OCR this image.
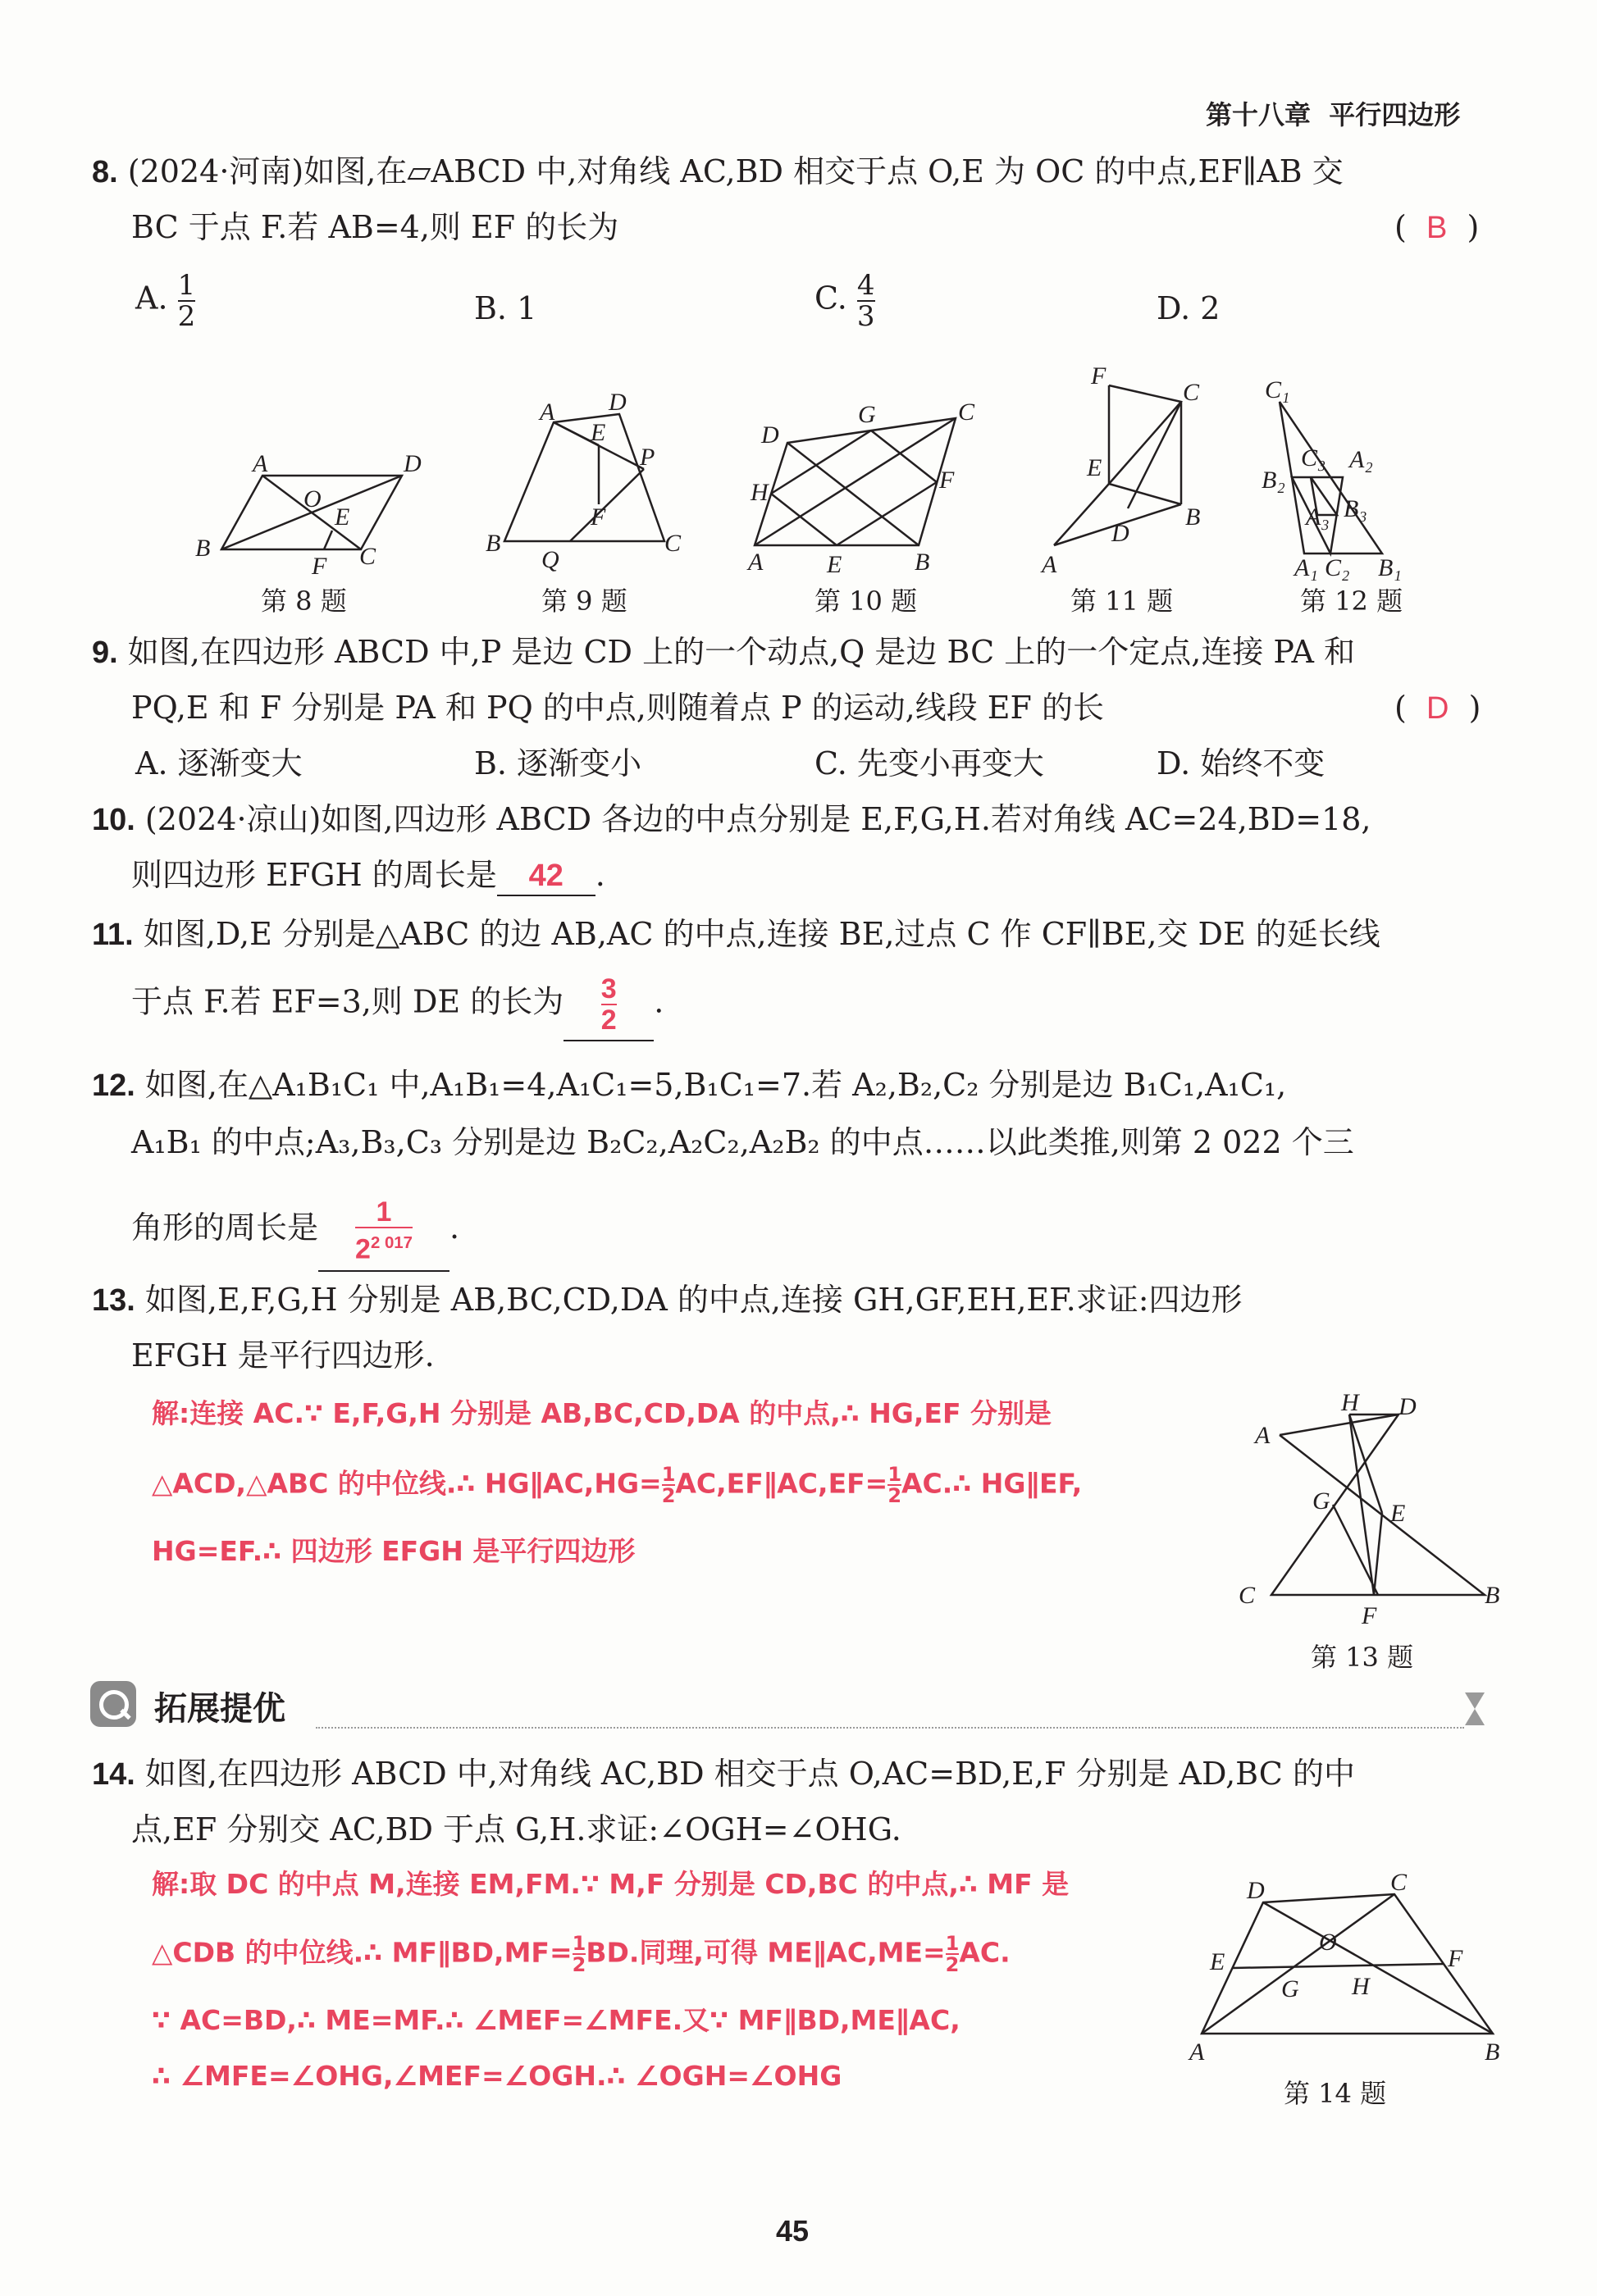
第十八章 平行四边形
8. (2024·河南)如图,在▱ABCD 中,对角线 AC,BD 相交于点 O,E 为 OC 的中点,EF∥AB 交
BC 于点 F.若 AB=4,则 EF 的长为	(  B  )
A. $\frac{1}{2}$	B. 1	C. $\frac{4}{3}$	D. 2
A	D
O
E
B
F C
A D
E
P
F
B
Q
C
D
G	C
H	F
A	E	B
F
C
E
D
B
A
C₁
C₃ A₂
B₂
B₃
A₃
A₁ C₂ B₁
第 8 题	第 9 题	第 10 题	第 11 题	第 12 题
9. 如图,在四边形 ABCD 中,P 是边 CD 上的一个动点,Q 是边 BC 上的一个定点,连接 PA 和
PQ,E 和 F 分别是 PA 和 PQ 的中点,则随着点 P 的运动,线段 EF 的长	(  D  )
A. 逐渐变大	B. 逐渐变小	C. 先变小再变大	D. 始终不变
10. (2024·凉山)如图,四边形 ABCD 各边的中点分别是 E,F,G,H.若对角线 AC=24,BD=18,
则四边形 EFGH 的周长是 42 .
11. 如图,D,E 分别是△ABC 的边 AB,AC 的中点,连接 BE,过点 C 作 CF∥BE,交 DE 的延长线
于点 F.若 EF=3,则 DE 的长为 $\frac{3}{2}$ .
12. 如图,在△A₁B₁C₁ 中,A₁B₁=4,A₁C₁=5,B₁C₁=7.若 A₂,B₂,C₂ 分别是边 B₁C₁,A₁C₁,
A₁B₁ 的中点;A₃,B₃,C₃ 分别是边 B₂C₂,A₂C₂,A₂B₂ 的中点……以此类推,则第 2 022 个三
角形的周长是 $\frac{1}{2^{2 017}}$ .
13. 如图,E,F,G,H 分别是 AB,BC,CD,DA 的中点,连接 GH,GF,EH,EF.求证:四边形
EFGH 是平行四边形.
解:连接 AC.∵ E,F,G,H 分别是 AB,BC,CD,DA 的中点,∴ HG,EF 分别是
△ACD,△ABC 的中位线.∴ HG∥AC,HG= $\frac{1}{2}$ AC,EF∥AC,EF= $\frac{1}{2}$ AC.∴ HG∥EF,
HG=EF.∴ 四边形 EFGH 是平行四边形
H D
A
G E
C
F
B
第 13 题
拓展提优
14. 如图,在四边形 ABCD 中,对角线 AC,BD 相交于点 O,AC=BD,E,F 分别是 AD,BC 的中
点,EF 分别交 AC,BD 于点 G,H.求证:∠OGH=∠OHG.
解:取 DC 的中点 M,连接 EM,FM.∵ M,F 分别是 CD,BC 的中点,∴ MF 是
△CDB 的中位线.∴ MF∥BD,MF= $\frac{1}{2}$ BD.同理,可得 ME∥AC,ME= $\frac{1}{2}$ AC.
∵ AC=BD,∴ ME=MF.∴ ∠MEF=∠MFE.又∵ MF∥BD,ME∥AC,
∴ ∠MFE=∠OHG,∠MEF=∠OGH.∴ ∠OGH=∠OHG
D	C
O
E	F
G H
A	B
第 14 题
45
